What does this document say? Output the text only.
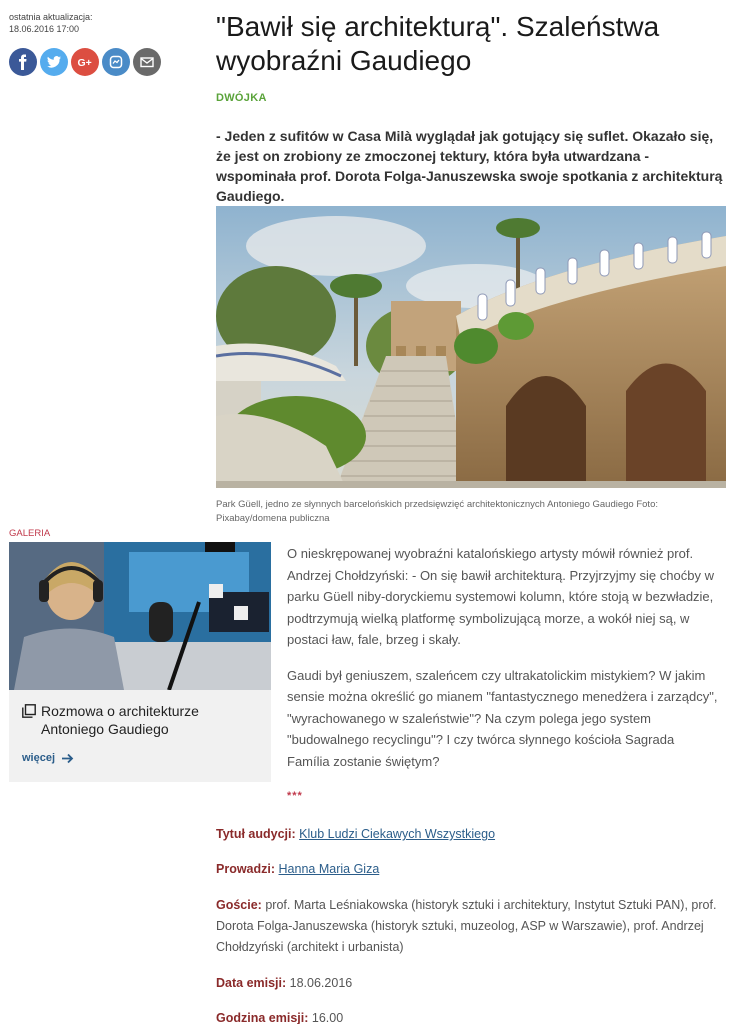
ostatnia aktualizacja:
18.06.2016 17:00
G+
"Bawił się architekturą". Szaleństwa wyobraźni Gaudiego
DWÓJKA

- Jeden z sufitów w Casa Milà wyglądał jak gotujący się suflet. Okazało się, że jest on zrobiony ze zmoczonej tektury, która była utwardzana - wspominała prof. Dorota Folga-Januszewska swoje spotkania z architekturą Gaudiego.

Park Güell, jedno ze słynnych barcelońskich przedsięwzięć architektonicznych Antoniego Gaudiego Foto: Pixabay/domena publiczna

GALERIA
Rozmowa o architekturze Antoniego Gaudiego
więcej

O nieskrępowanej wyobraźni katalońskiego artysty mówił również prof. Andrzej Chołdzyński: - On się bawił architekturą. Przyjrzyjmy się choćby w parku Güell niby-doryckiemu systemowi kolumn, które stoją w bezwładzie, podtrzymują wielką platformę symbolizującą morze, a wokół niej są, w postaci ław, fale, brzeg i skały.

Gaudi był geniuszem, szaleńcem czy ultrakatolickim mistykiem? W jakim sensie można określić go mianem "fantastycznego menedżera i zarządcy", "wyrachowanego w szaleństwie"? Na czym polega jego system "budowalnego recyclingu"? I czy twórca słynnego kościoła Sagrada Família zostanie świętym?

***
Tytuł audycji: Klub Ludzi Ciekawych Wszystkiego
Prowadzi: Hanna Maria Giza
Goście: prof. Marta Leśniakowska (historyk sztuki i architektury, Instytut Sztuki PAN), prof. Dorota Folga-Januszewska (historyk sztuki, muzeolog, ASP w Warszawie), prof. Andrzej Chołdzyński (architekt i urbanista)
Data emisji: 18.06.2016
Godzina emisji: 16.00
